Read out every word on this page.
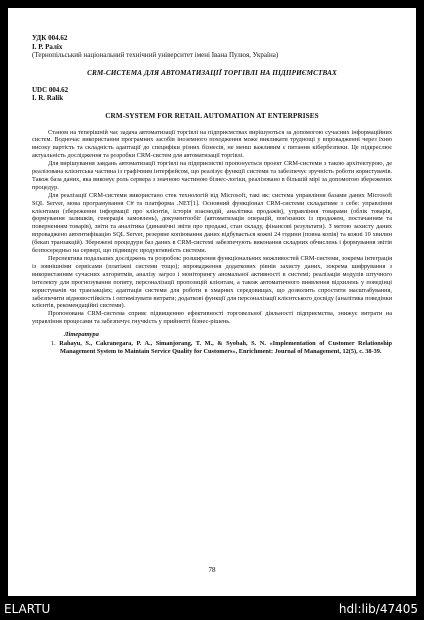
УДК 004.62
І. Р. Раліх
(Тернопільський національний технічний університет імені Івана Пулюя, Україна)
CRM-СИСТЕМА ДЛЯ АВТОМАТИЗАЦІЇ ТОРГІВЛІ НА ПІДПРИЄМСТВАХ
UDC 004.62
I. R. Ralik
CRM-SYSTEM FOR RETAIL AUTOMATION AT ENTERPRISES

Станом на теперішній час задача автоматизації торгівлі на підприємствах вирішуються за допомогою сучасних інформаційних систем. Водночас використання програмних засобів іноземного походження може викликати труднощі у впровадженні через їхню високу вартість та складність адаптації до специфіки різних бізнесів, не менш важливим є питання кібербезпеки. Це підкреслює актуальність дослідження та розробки CRM-систем для автоматизації торгівлі.

Для вирішування завдань автоматизації торгівлі на підприємстві пропонується проект CRM-системи з такою архітектурою, де реалізована клієнтська частина із графічним інтерфейсом, що реалізує функції системи та забезпечує зручність роботи користувачів. Також база даних, яка виконує роль сервера з значною частиною бізнес-логіки, реалізовано в більшій мірі за допомогою збережених процедур.

Для реалізації CRM-системи використано стек технологій від Microsoft, такі як: система управління базами даних Microsoft SQL Server, мова програмування C# та платформа .NET[1]. Основний функціонал CRM-системи складатиме з себе: управління клієнтами (збереження інформації про клієнтів, історія взаємодій, аналітика продажів), управління товарами (облік товарів, формування залишків, генерація замовлень), документообіг (автоматизація операцій, пов'язаних із продажем, постачанням та поверненням товарів), звіти та аналітика (динамічні звіти про продажі, стан складу, фінансові результати). З метою захисту даних впроваджено автентифікацію SQL Server, резервне копіювання даних відбувається кожні 24 години (повна копія) та кожні 10 хвилин (бекап транзакцій). Збережені процедури баз даних в CRM-системі забезпечують виконання складних обчислень і формування звітів безпосередньо на сервері, що підвищує продуктивність системи.

Перспектива подальших досліджень та розробок: розширення функціональних можливостей CRM-системи, зокрема інтеграція із зовнішніми сервісами (платіжні системи тощо); впровадження додаткових рівнів захисту даних, зокрема шифрування з використанням сучасних алгоритмів, аналізу загроз і моніторингу аномальної активності в системі; реалізація модулів штучного інтелекту для прогнозування попиту, персоналізації пропозицій клієнтам, а також автоматичного виявлення відхилень у поведінці користувачів чи транзакціях; адаптація системи для роботи в хмарних середовищах, що дозволить спростити масштабування, забезпечити відмовостійкість і оптимізувати витрати; додаткові функції для персоналізації клієнтського досвіду (аналітика поведінки клієнтів, рекомендаційні системи).

Пропонована CRM-система сприяє підвищенню ефективності торговельної діяльності підприємства, знижує витрати на управління процесами та забезпечує гнучкість у прийнятті бізнес-рішень.

Література
1. Rahayu, S., Cakranegara, P. A., Simanjorang, T. M., & Syobah, S. N. «Implementation of Customer Relationship Management System to Maintain Service Quality for Customers», Enrichment: Journal of Management, 12(5), с. 38-39.
78
ELARTU	hdl:lib/47405
